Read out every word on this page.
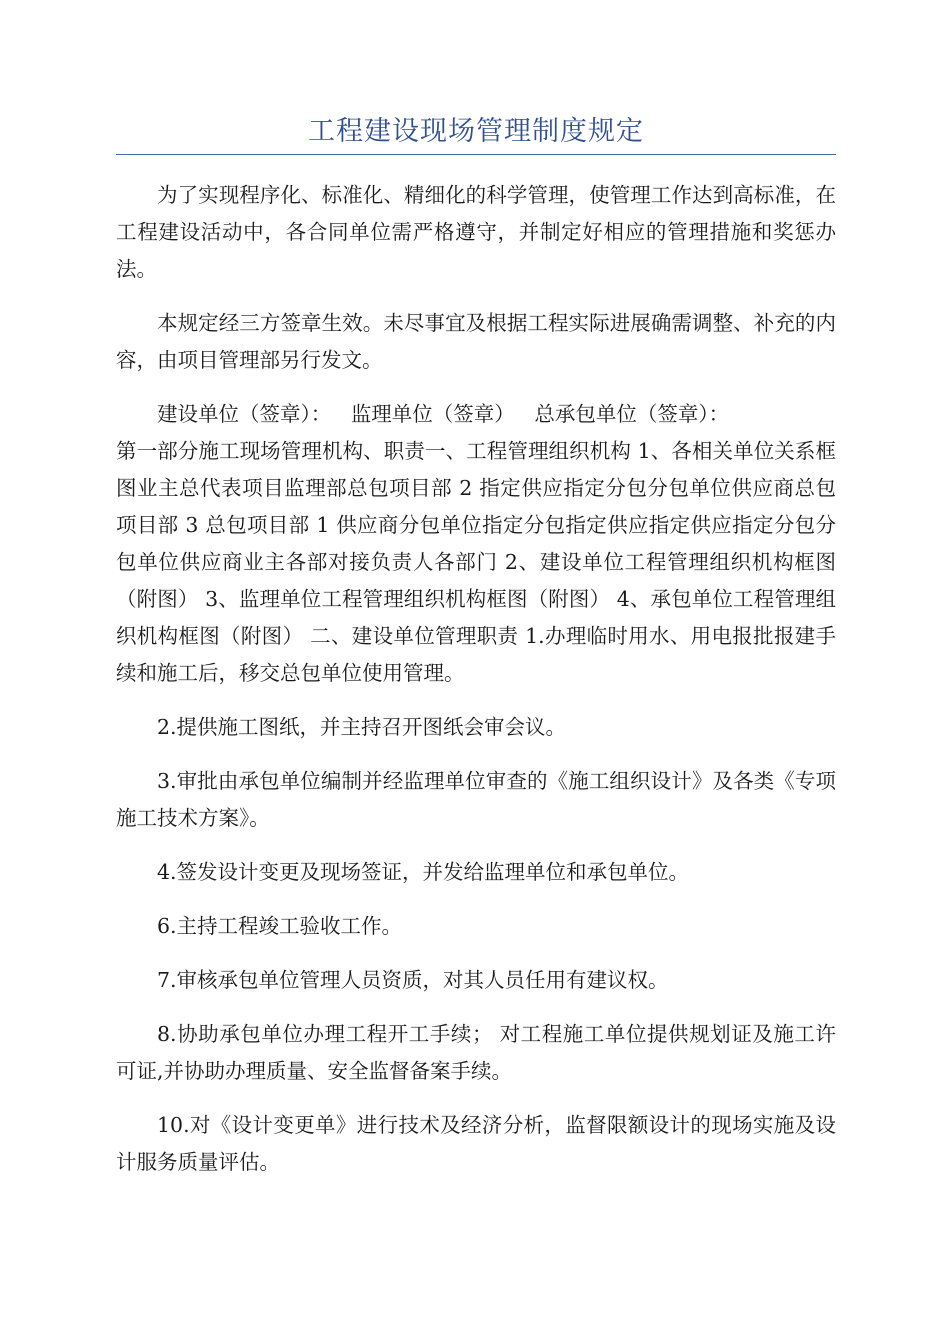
工程建设现场管理制度规定

为了实现程序化、标准化、精细化的科学管理，使管理工作达到高标准，在工程建设活动中，各合同单位需严格遵守，并制定好相应的管理措施和奖惩办法。

本规定经三方签章生效。未尽事宜及根据工程实际进展确需调整、补充的内容，由项目管理部另行发文。

建设单位（签章）： 监理单位（签章） 总承包单位（签章）：

第一部分施工现场管理机构、职责一、工程管理组织机构 1、各相关单位关系框图业主总代表项目监理部总包项目部 2 指定供应指定分包分包单位供应商总包项目部 3 总包项目部 1 供应商分包单位指定分包指定供应指定供应指定分包分包单位供应商业主各部对接负责人各部门 2、建设单位工程管理组织机构框图（附图） 3、监理单位工程管理组织机构框图（附图） 4、承包单位工程管理组织机构框图（附图） 二、建设单位管理职责 1.办理临时用水、用电报批报建手续和施工后，移交总包单位使用管理。

2.提供施工图纸，并主持召开图纸会审会议。

3.审批由承包单位编制并经监理单位审查的《施工组织设计》及各类《专项施工技术方案》。

4.签发设计变更及现场签证，并发给监理单位和承包单位。

6.主持工程竣工验收工作。

7.审核承包单位管理人员资质，对其人员任用有建议权。

8.协助承包单位办理工程开工手续； 对工程施工单位提供规划证及施工许可证,并协助办理质量、安全监督备案手续。

10.对《设计变更单》进行技术及经济分析，监督限额设计的现场实施及设计服务质量评估。
